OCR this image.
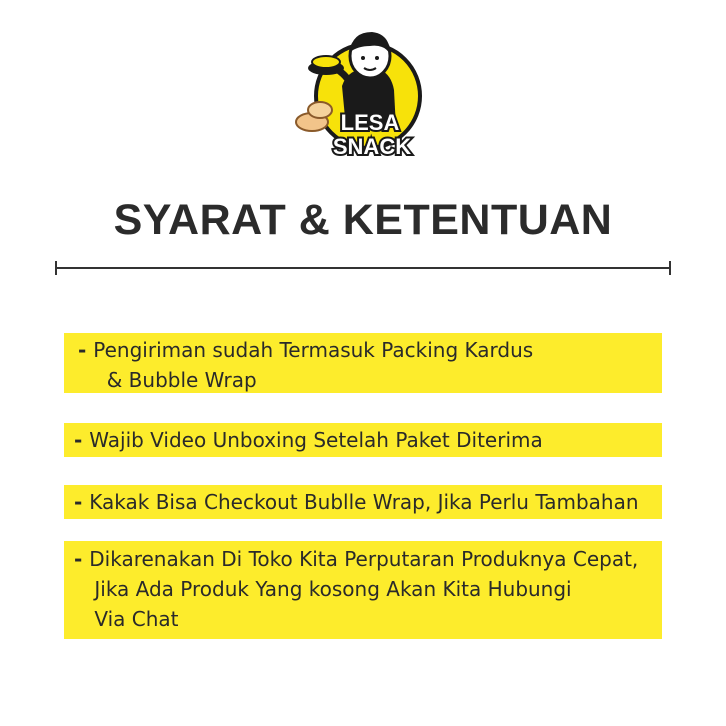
LESA
SNACK
SYARAT & KETENTUAN
- Pengiriman sudah Termasuk Packing Kardus
& Bubble Wrap
- Wajib Video Unboxing Setelah Paket Diterima
- Kakak Bisa Checkout Bublle Wrap, Jika Perlu Tambahan
- Dikarenakan Di Toko Kita Perputaran Produknya Cepat,
Jika Ada Produk Yang kosong Akan Kita Hubungi
Via Chat
